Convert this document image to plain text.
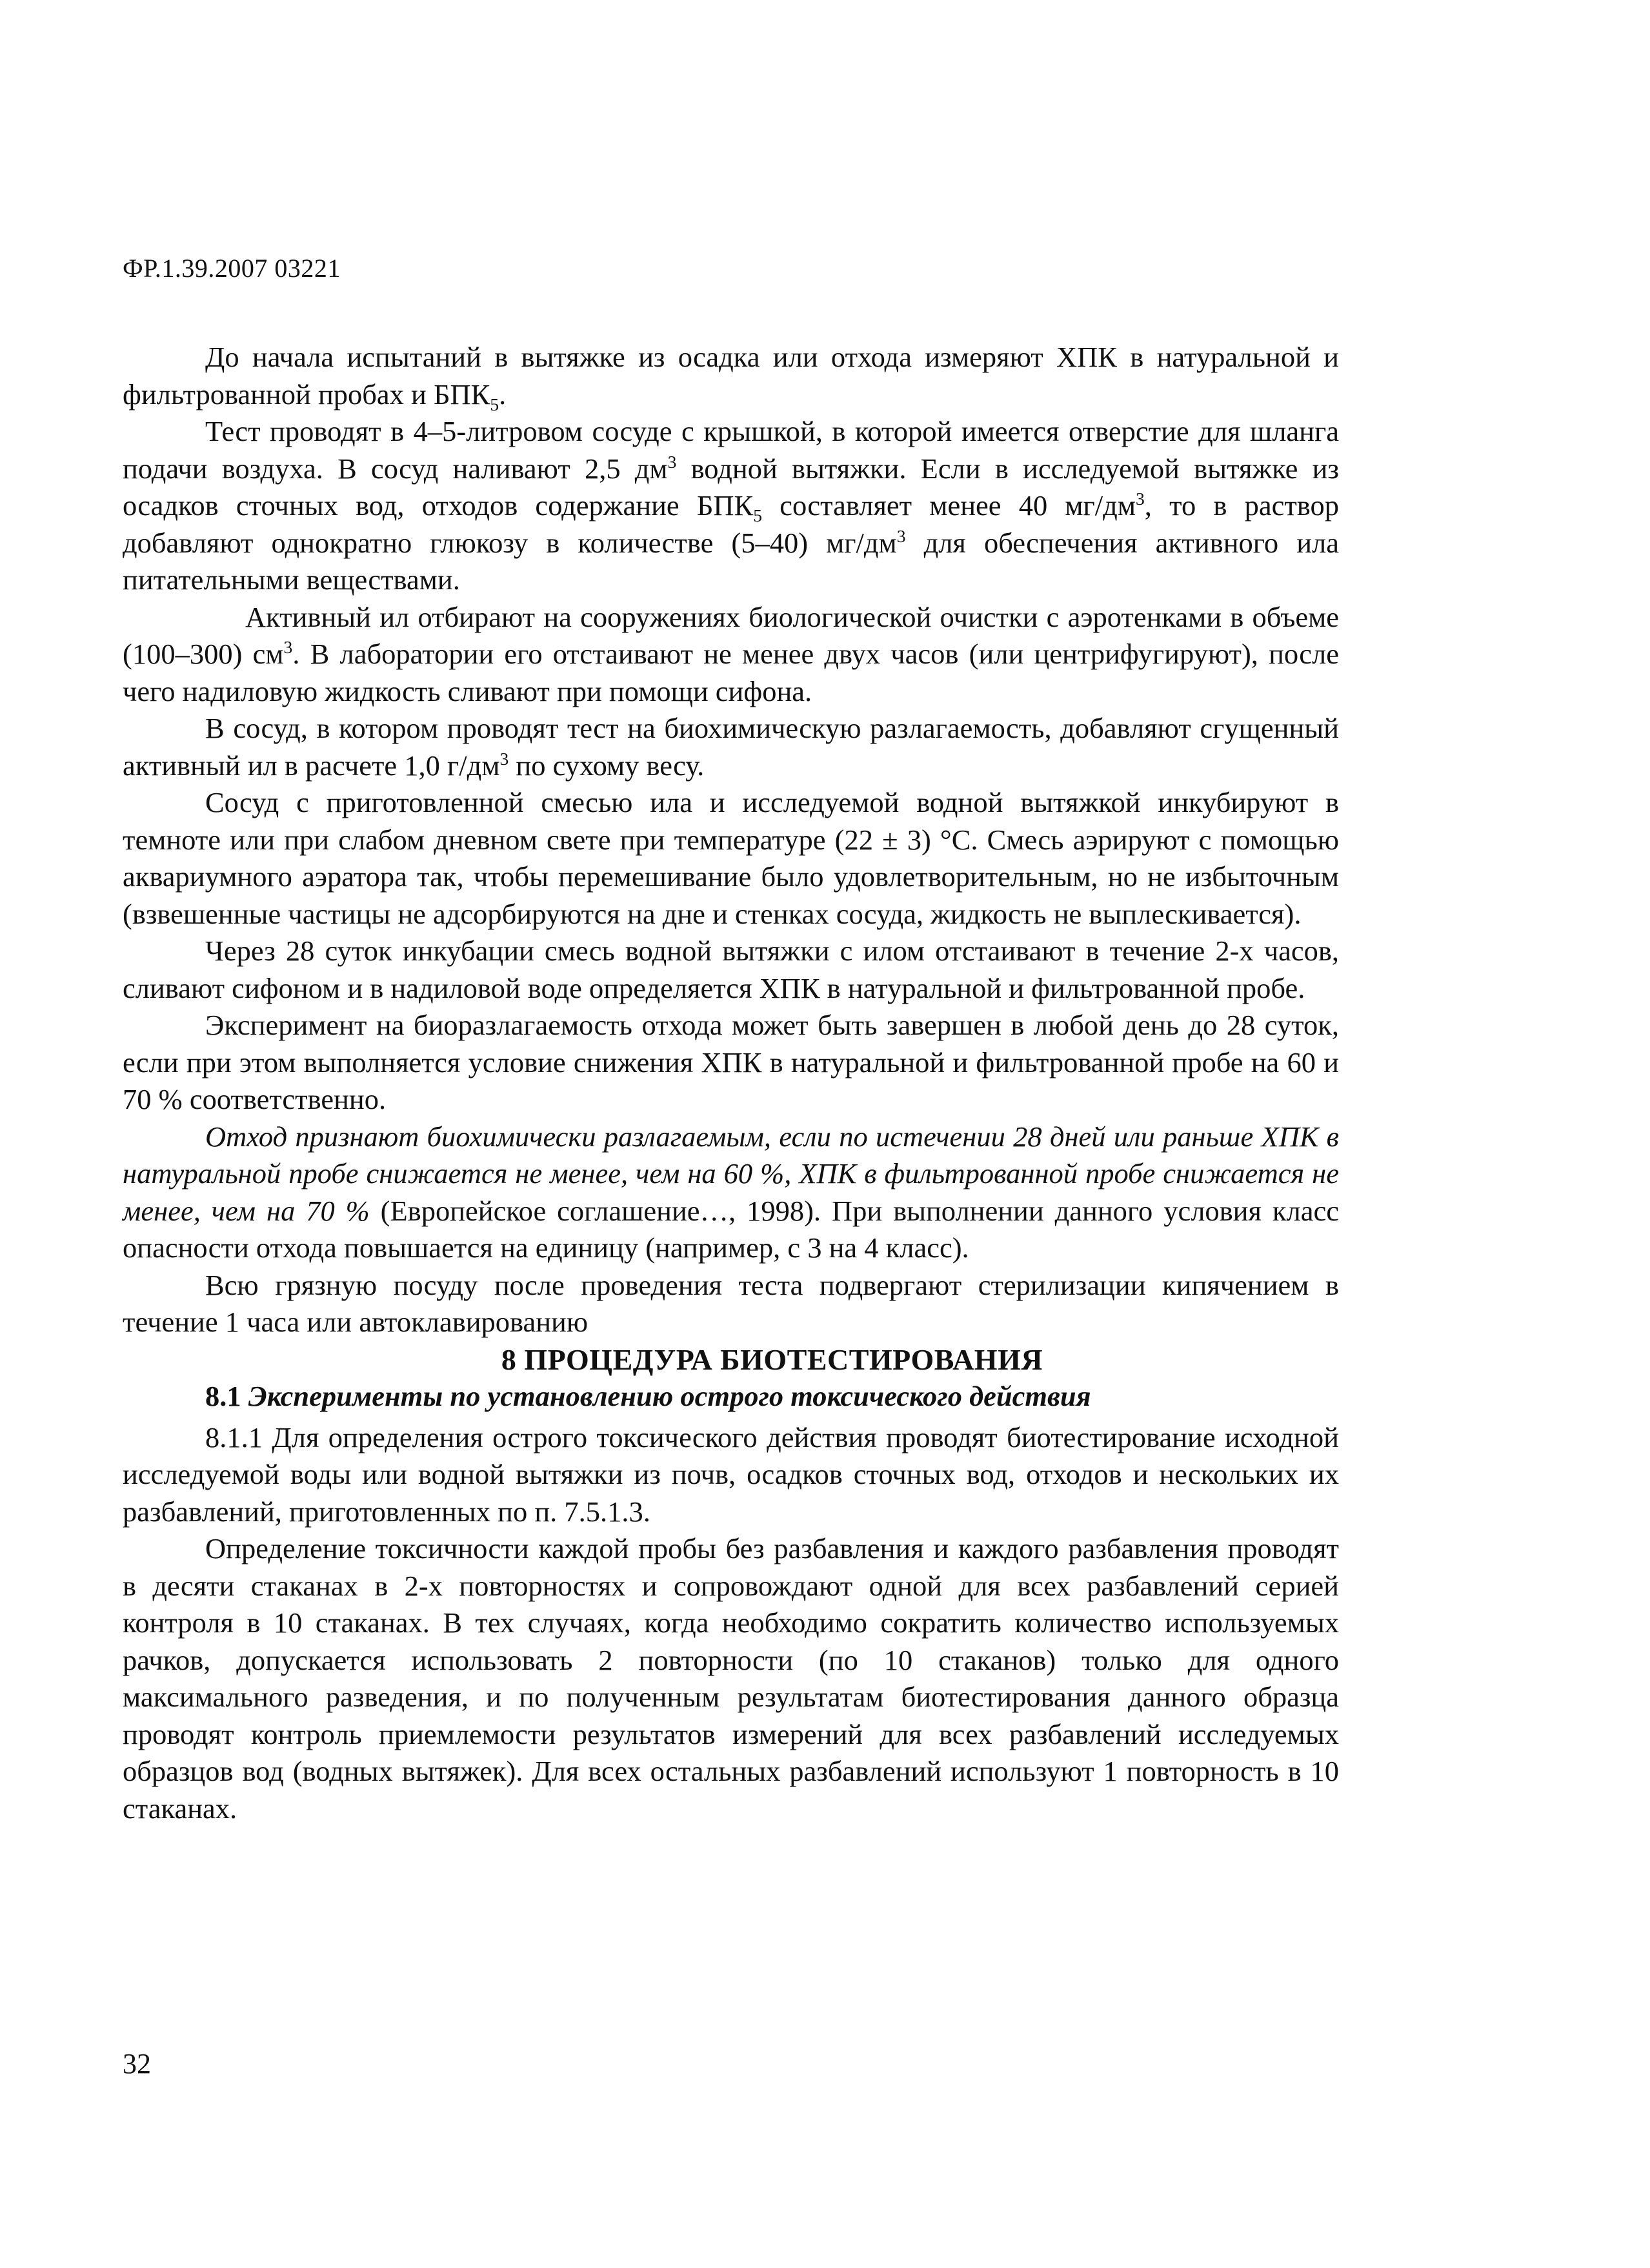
ФР.1.39.2007 03221

До начала испытаний в вытяжке из осадка или отхода измеряют ХПК в натуральной и фильтрованной пробах и $БПК_5$.

Тест проводят в 4–5-литровом сосуде с крышкой, в которой имеется отверстие для шланга подачи воздуха. В сосуд наливают 2,5 $дм^3$ водной вытяжки. Если в исследуемой вытяжке из осадков сточных вод, отходов содержание $БПК_5$ составляет менее 40 $мг/дм^3$, то в раствор добавляют однократно глюкозу в количестве (5–40) $мг/дм^3$ для обеспечения активного ила питательными веществами.

Активный ил отбирают на сооружениях биологической очистки с аэротенками в объеме (100–300) $см^3$. В лаборатории его отстаивают не менее двух часов (или центрифугируют), после чего надиловую жидкость сливают при помощи сифона.

В сосуд, в котором проводят тест на биохимическую разлагаемость, добавляют сгущенный активный ил в расчете 1,0 $г/дм^3$ по сухому весу.

Сосуд с приготовленной смесью ила и исследуемой водной вытяжкой инкубируют в темноте или при слабом дневном свете при температуре (22 ± 3) °С. Смесь аэрируют с помощью аквариумного аэратора так, чтобы перемешивание было удовлетворительным, но не избыточным (взвешенные частицы не адсорбируются на дне и стенках сосуда, жидкость не выплескивается).

Через 28 суток инкубации смесь водной вытяжки с илом отстаивают в течение 2-х часов, сливают сифоном и в надиловой воде определяется ХПК в натуральной и фильтрованной пробе.

Эксперимент на биоразлагаемость отхода может быть завершен в любой день до 28 суток, если при этом выполняется условие снижения ХПК в натуральной и фильтрованной пробе на 60 и 70 % соответственно.

Отход признают биохимически разлагаемым, если по истечении 28 дней или раньше ХПК в натуральной пробе снижается не менее, чем на 60 %, ХПК в фильтрованной пробе снижается не менее, чем на 70 % (Европейское соглашение…, 1998). При выполнении данного условия класс опасности отхода повышается на единицу (например, с 3 на 4 класс).

Всю грязную посуду после проведения теста подвергают стерилизации кипячением в течение 1 часа или автоклавированию

8 ПРОЦЕДУРА БИОТЕСТИРОВАНИЯ

8.1 Эксперименты по установлению острого токсического действия

8.1.1 Для определения острого токсического действия проводят биотестирование исходной исследуемой воды или водной вытяжки из почв, осадков сточных вод, отходов и нескольких их разбавлений, приготовленных по п. 7.5.1.3.

Определение токсичности каждой пробы без разбавления и каждого разбавления проводят в десяти стаканах в 2-х повторностях и сопровождают одной для всех разбавлений серией контроля в 10 стаканах. В тех случаях, когда необходимо сократить количество используемых рачков, допускается использовать 2 повторности (по 10 стаканов) только для одного максимального разведения, и по полученным результатам биотестирования данного образца проводят контроль приемлемости результатов измерений для всех разбавлений исследуемых образцов вод (водных вытяжек). Для всех остальных разбавлений используют 1 повторность в 10 стаканах.

32
